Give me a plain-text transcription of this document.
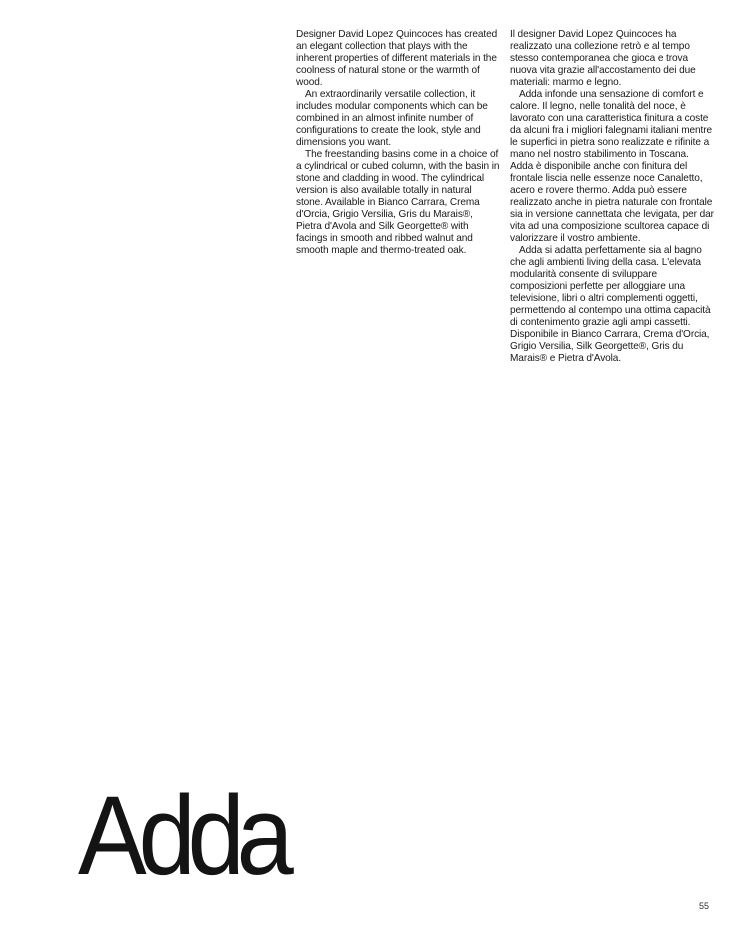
Designer David Lopez Quincoces has created an elegant collection that plays with the inherent properties of different materials in the coolness of natural stone or the warmth of wood.

An extraordinarily versatile collection, it includes modular components which can be combined in an almost infinite number of configurations to create the look, style and dimensions you want.

The freestanding basins come in a choice of a cylindrical or cubed column, with the basin in stone and cladding in wood. The cylindrical version is also available totally in natural stone. Available in Bianco Carrara, Crema d'Orcia, Grigio Versilia, Gris du Marais®, Pietra d'Avola and Silk Georgette® with facings in smooth and ribbed walnut and smooth maple and thermo-treated oak.

Il designer David Lopez Quincoces ha realizzato una collezione retrò e al tempo stesso contemporanea che gioca e trova nuova vita grazie all'accostamento dei due materiali: marmo e legno.

Adda infonde una sensazione di comfort e calore. Il legno, nelle tonalità del noce, è lavorato con una caratteristica finitura a coste da alcuni fra i migliori falegnami italiani mentre le superfici in pietra sono realizzate e rifinite a mano nel nostro stabilimento in Toscana. Adda è disponibile anche con finitura del frontale liscia nelle essenze noce Canaletto, acero e rovere thermo. Adda può essere realizzato anche in pietra naturale con frontale sia in versione cannettata che levigata, per dar vita ad una composizione scultorea capace di valorizzare il vostro ambiente.

Adda si adatta perfettamente sia al bagno che agli ambienti living della casa. L'elevata modularità consente di sviluppare composizioni perfette per alloggiare una televisione, libri o altri complementi oggetti, permettendo al contempo una ottima capacità di contenimento grazie agli ampi cassetti. Disponibile in Bianco Carrara, Crema d'Orcia, Grigio Versilia, Silk Georgette®, Gris du Marais® e Pietra d'Avola.

Adda
55
